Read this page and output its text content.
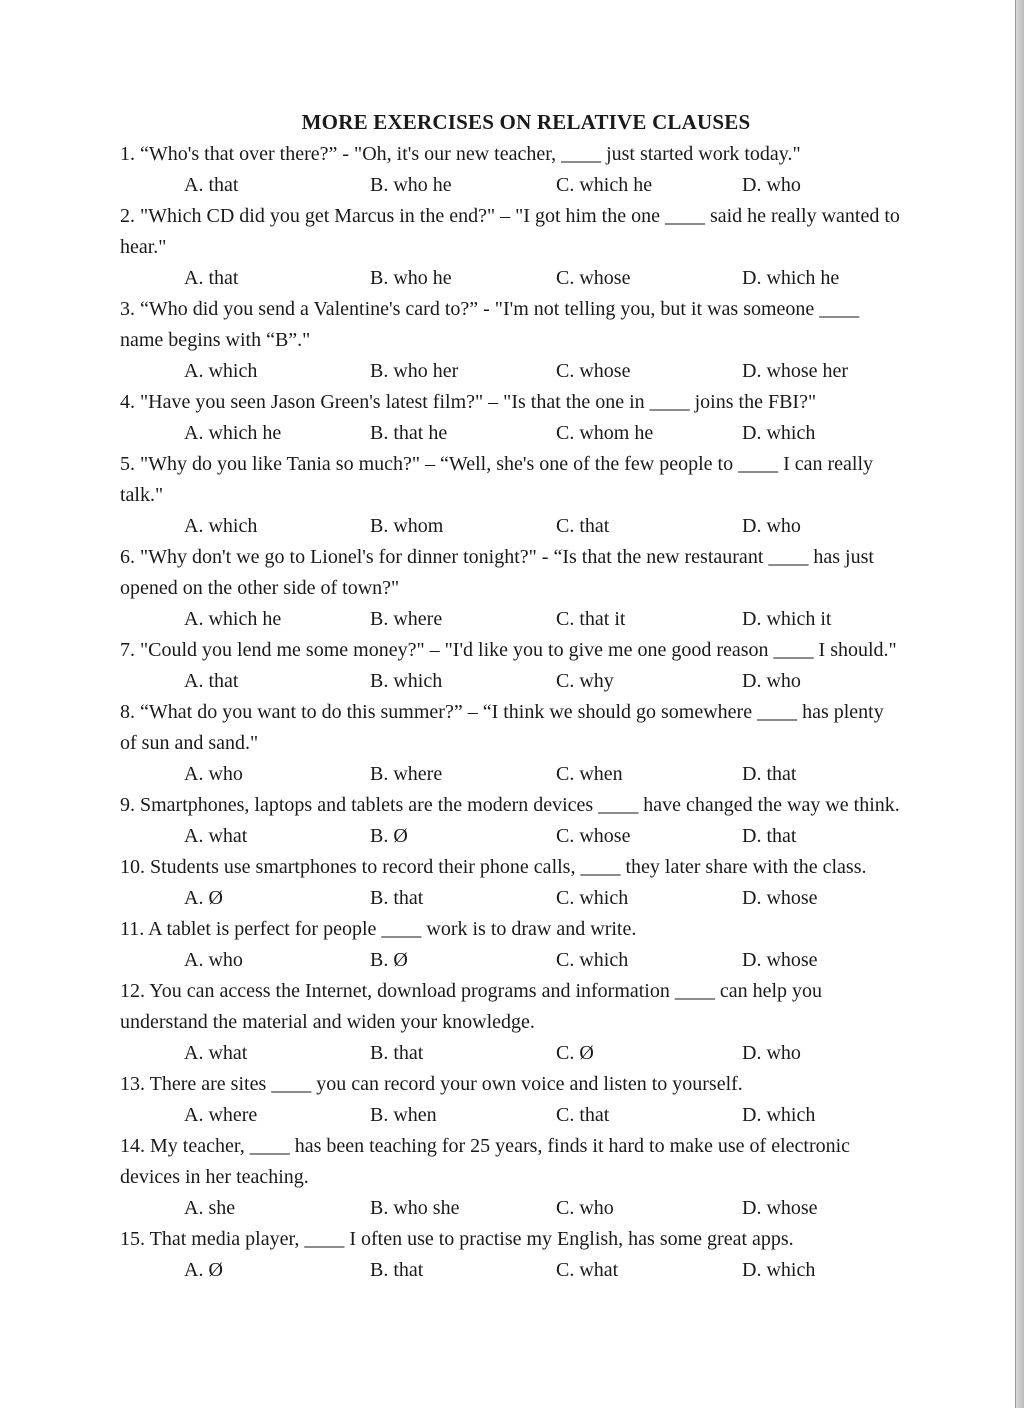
MORE EXERCISES ON RELATIVE CLAUSES
1. “Who's that over there?” - "Oh, it's our new teacher, ____ just started work today."
A. that	B. who he	C. which he	D. who
2. "Which CD did you get Marcus in the end?" – "I got him the one ____ said he really wanted to
hear."
A. that	B. who he	C. whose	D. which he
3. “Who did you send a Valentine's card to?” - "I'm not telling you, but it was someone ____
name begins with “B”."
A. which	B. who her	C. whose	D. whose her
4. "Have you seen Jason Green's latest film?" – "Is that the one in ____ joins the FBI?"
A. which he	B. that he	C. whom he	D. which
5. "Why do you like Tania so much?" – “Well, she's one of the few people to ____ I can really
talk."
A. which	B. whom	C. that	D. who
6. "Why don't we go to Lionel's for dinner tonight?" - “Is that the new restaurant ____ has just
opened on the other side of town?"
A. which he	B. where	C. that it	D. which it
7. "Could you lend me some money?" – "I'd like you to give me one good reason ____ I should."
A. that	B. which	C. why	D. who
8. “What do you want to do this summer?” – “I think we should go somewhere ____ has plenty
of sun and sand."
A. who	B. where	C. when	D. that
9. Smartphones, laptops and tablets are the modern devices ____ have changed the way we think.
A. what	B. Ø	C. whose	D. that
10. Students use smartphones to record their phone calls, ____ they later share with the class.
A. Ø	B. that	C. which	D. whose
11. A tablet is perfect for people ____ work is to draw and write.
A. who	B. Ø	C. which	D. whose
12. You can access the Internet, download programs and information ____ can help you
understand the material and widen your knowledge.
A. what	B. that	C. Ø	D. who
13. There are sites ____ you can record your own voice and listen to yourself.
A. where	B. when	C. that	D. which
14. My teacher, ____ has been teaching for 25 years, finds it hard to make use of electronic
devices in her teaching.
A. she	B. who she	C. who	D. whose
15. That media player, ____ I often use to practise my English, has some great apps.
A. Ø	B. that	C. what	D. which
